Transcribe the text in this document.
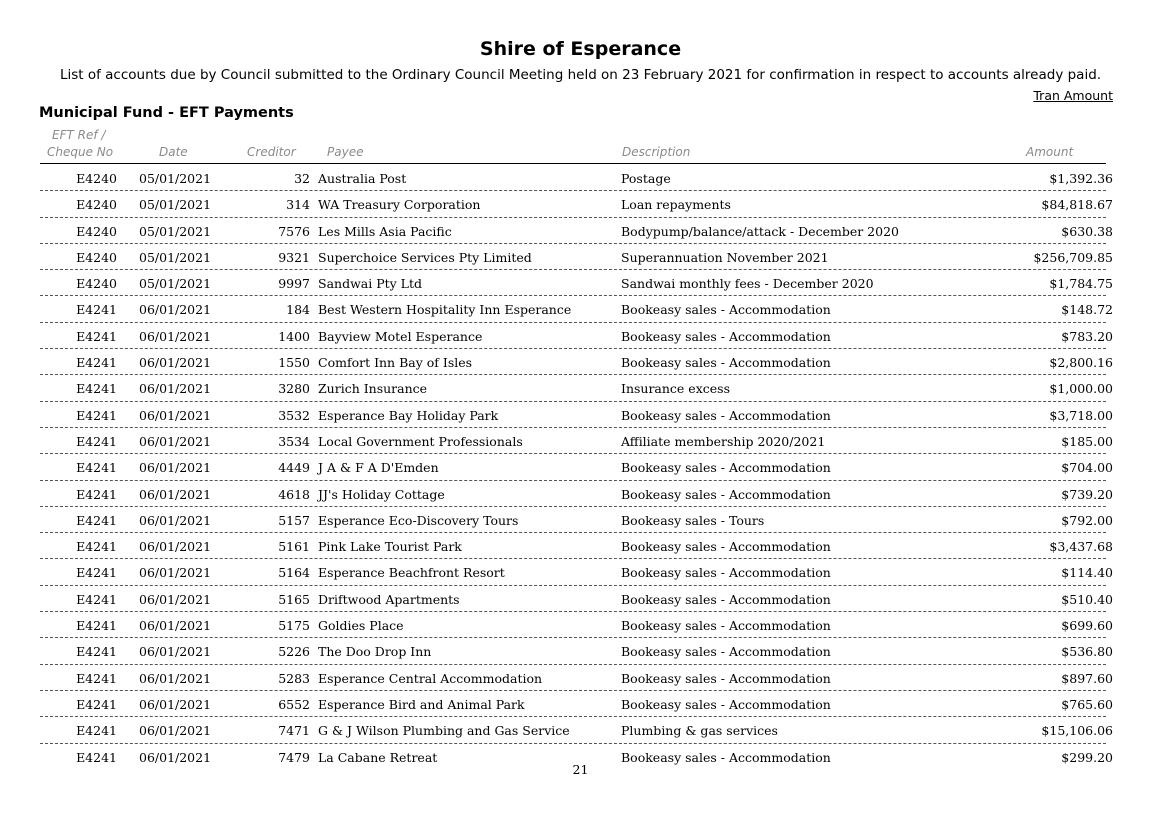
Shire of Esperance
List of accounts due by Council submitted to the Ordinary Council Meeting held on 23 February 2021 for confirmation in respect to accounts already paid.
Tran Amount
Municipal Fund - EFT Payments
EFT Ref /
Cheque No	Date	Creditor	Payee	Description	Amount
E4240 05/01/2021	32 Australia Post	Postage	$1,392.36
E4240 05/01/2021	314 WA Treasury Corporation	Loan repayments	$84,818.67
E4240 05/01/2021	7576 Les Mills Asia Pacific	Bodypump/balance/attack - December 2020	$630.38
E4240 05/01/2021	9321 Superchoice Services Pty Limited	Superannuation November 2021	$256,709.85
E4240 05/01/2021	9997 Sandwai Pty Ltd	Sandwai monthly fees - December 2020	$1,784.75
E4241 06/01/2021	184 Best Western Hospitality Inn Esperance	Bookeasy sales - Accommodation	$148.72
E4241 06/01/2021	1400 Bayview Motel Esperance	Bookeasy sales - Accommodation	$783.20
E4241 06/01/2021	1550 Comfort Inn Bay of Isles	Bookeasy sales - Accommodation	$2,800.16
E4241 06/01/2021	3280 Zurich Insurance	Insurance excess	$1,000.00
E4241 06/01/2021	3532 Esperance Bay Holiday Park	Bookeasy sales - Accommodation	$3,718.00
E4241 06/01/2021	3534 Local Government Professionals	Affiliate membership 2020/2021	$185.00
E4241 06/01/2021	4449 J A & F A D'Emden	Bookeasy sales - Accommodation	$704.00
E4241 06/01/2021	4618 JJ's Holiday Cottage	Bookeasy sales - Accommodation	$739.20
E4241 06/01/2021	5157 Esperance Eco-Discovery Tours	Bookeasy sales - Tours	$792.00
E4241 06/01/2021	5161 Pink Lake Tourist Park	Bookeasy sales - Accommodation	$3,437.68
E4241 06/01/2021	5164 Esperance Beachfront Resort	Bookeasy sales - Accommodation	$114.40
E4241 06/01/2021	5165 Driftwood Apartments	Bookeasy sales - Accommodation	$510.40
E4241 06/01/2021	5175 Goldies Place	Bookeasy sales - Accommodation	$699.60
E4241 06/01/2021	5226 The Doo Drop Inn	Bookeasy sales - Accommodation	$536.80
E4241 06/01/2021	5283 Esperance Central Accommodation	Bookeasy sales - Accommodation	$897.60
E4241 06/01/2021	6552 Esperance Bird and Animal Park	Bookeasy sales - Accommodation	$765.60
E4241 06/01/2021	7471 G & J Wilson Plumbing and Gas Service	Plumbing & gas services	$15,106.06
E4241 06/01/2021	7479 La Cabane Retreat	Bookeasy sales - Accommodation	$299.20
21
